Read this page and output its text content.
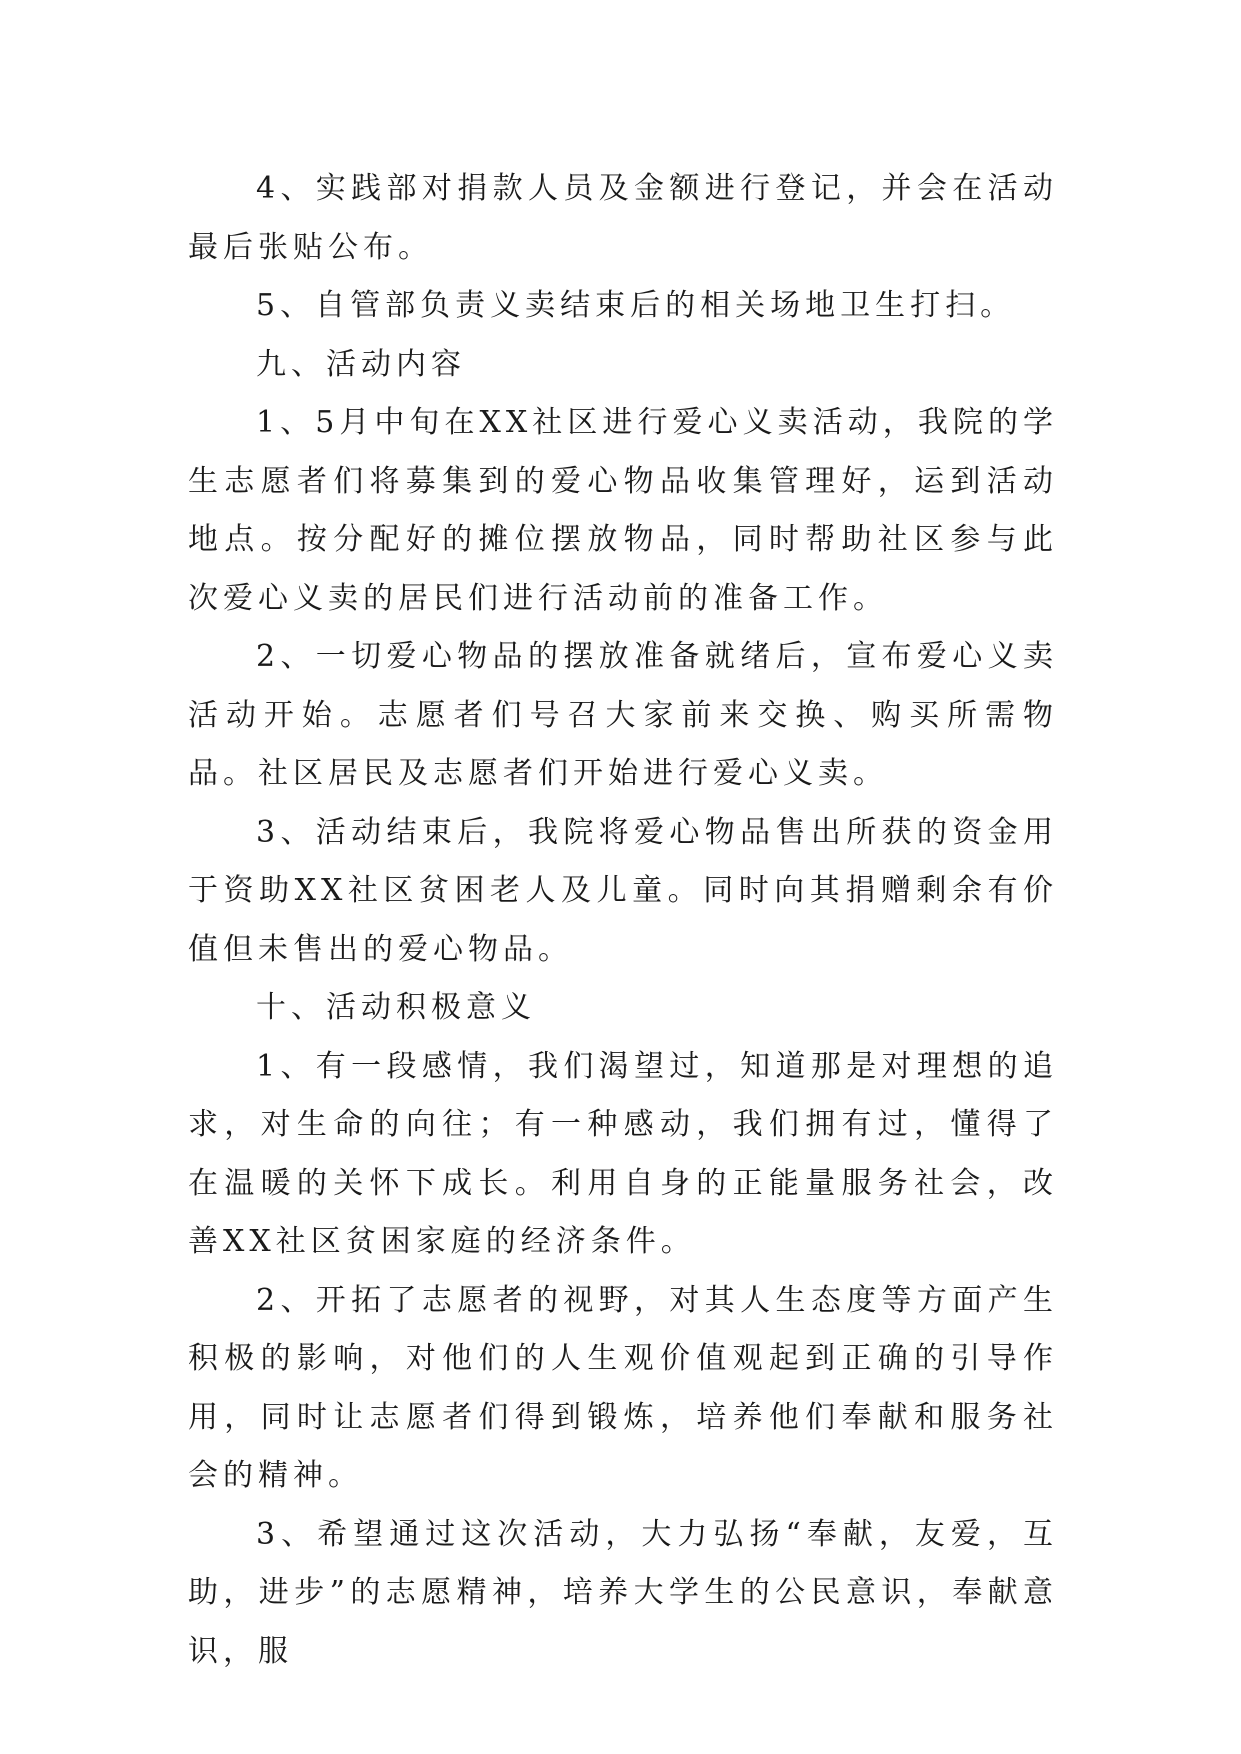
4、实践部对捐款人员及金额进行登记，并会在活动最后张贴公布。

5、自管部负责义卖结束后的相关场地卫生打扫。

九、活动内容

1、5月中旬在XX社区进行爱心义卖活动，我院的学生志愿者们将募集到的爱心物品收集管理好，运到活动地点。按分配好的摊位摆放物品，同时帮助社区参与此次爱心义卖的居民们进行活动前的准备工作。

2、一切爱心物品的摆放准备就绪后，宣布爱心义卖活动开始。志愿者们号召大家前来交换、购买所需物品。社区居民及志愿者们开始进行爱心义卖。

3、活动结束后，我院将爱心物品售出所获的资金用于资助XX社区贫困老人及儿童。同时向其捐赠剩余有价值但未售出的爱心物品。

十、活动积极意义

1、有一段感情，我们渴望过，知道那是对理想的追求，对生命的向往；有一种感动，我们拥有过，懂得了在温暖的关怀下成长。利用自身的正能量服务社会，改善XX社区贫困家庭的经济条件。

2、开拓了志愿者的视野，对其人生态度等方面产生积极的影响，对他们的人生观价值观起到正确的引导作用，同时让志愿者们得到锻炼，培养他们奉献和服务社会的精神。

3、希望通过这次活动，大力弘扬“奉献，友爱，互助，进步”的志愿精神，培养大学生的公民意识，奉献意识，服
